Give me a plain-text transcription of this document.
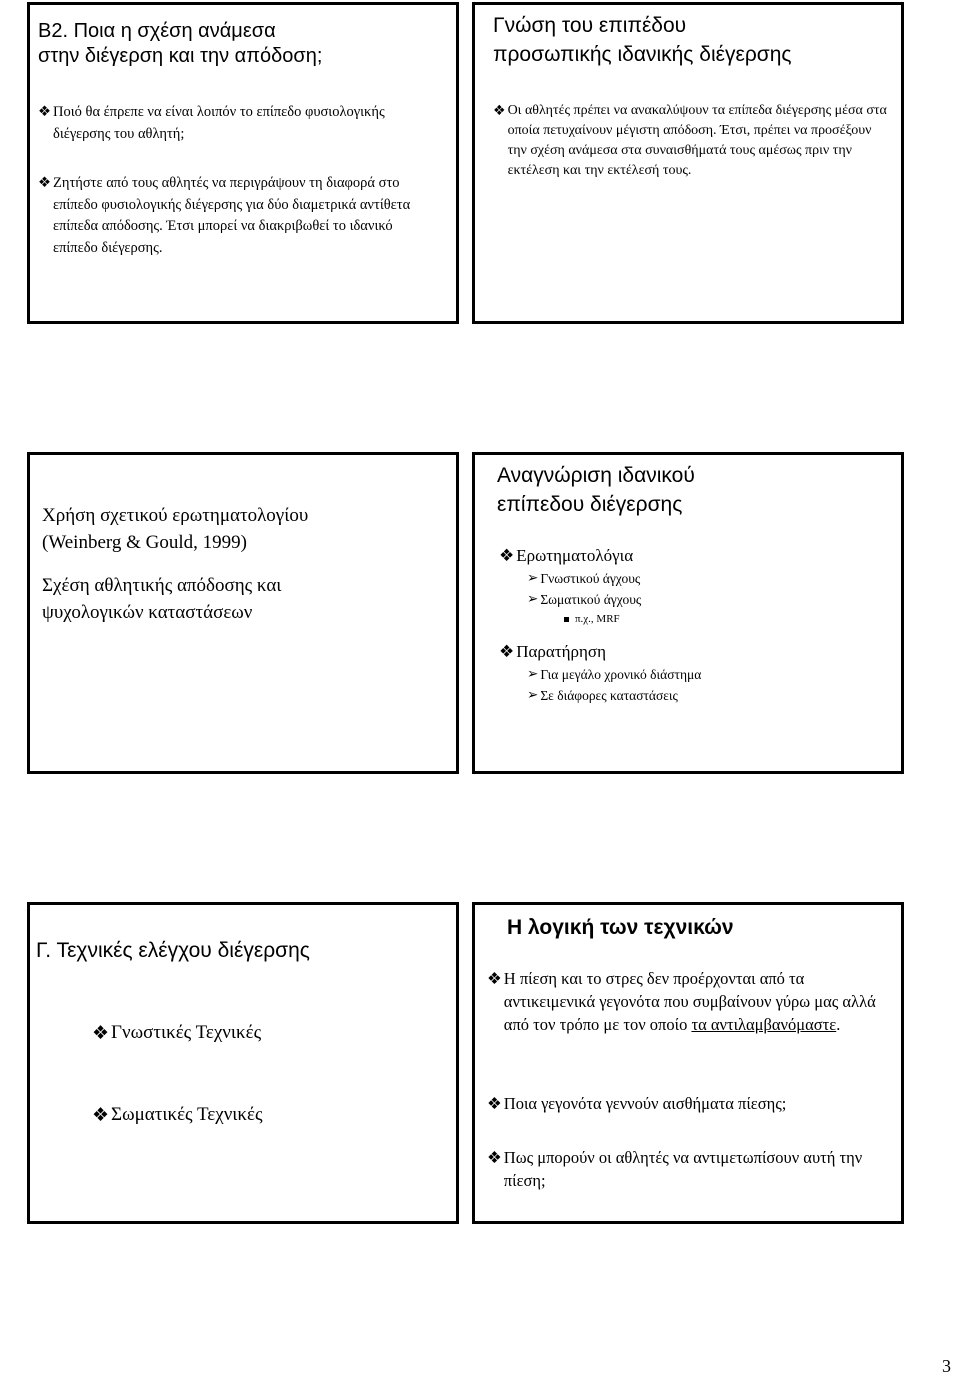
Β2. Ποια η σχέση ανάμεσα
στην διέγερση και την απόδοση;
❖ Ποιό θα έπρεπε να είναι λοιπόν το επίπεδο φυσιολογικής διέγερσης του αθλητή;
❖ Ζητήστε από τους αθλητές να περιγράψουν τη διαφορά στο επίπεδο φυσιολογικής διέγερσης για δύο διαμετρικά αντίθετα επίπεδα απόδοσης. Έτσι μπορεί να διακριβωθεί το ιδανικό επίπεδο διέγερσης.
Γνώση του επιπέδου
προσωπικής ιδανικής διέγερσης
❖ Οι αθλητές πρέπει να ανακαλύψουν τα επίπεδα διέγερσης μέσα στα οποία πετυχαίνουν μέγιστη απόδοση. Έτσι, πρέπει να προσέξουν την σχέση ανάμεσα στα συναισθήματά τους αμέσως πριν την εκτέλεση και την εκτέλεσή τους.
Χρήση σχετικού ερωτηματολογίου
(Weinberg & Gould, 1999)
Σχέση αθλητικής απόδοσης και
ψυχολογικών καταστάσεων
Αναγνώριση ιδανικού
επίπεδου διέγερσης
❖ Ερωτηματολόγια
➢ Γνωστικού άγχους
➢ Σωματικού άγχους
π.χ., MRF
❖ Παρατήρηση
➢ Για μεγάλο χρονικό διάστημα
➢ Σε διάφορες καταστάσεις
Γ. Τεχνικές ελέγχου διέγερσης
❖ Γνωστικές Τεχνικές
❖ Σωματικές Τεχνικές
Η λογική των τεχνικών
❖ Η πίεση και το στρες δεν προέρχονται από τα αντικειμενικά γεγονότα που συμβαίνουν γύρω μας αλλά από τον τρόπο με τον οποίο τα αντιλαμβανόμαστε.
❖ Ποια γεγονότα γεννούν αισθήματα πίεσης;
❖ Πως μπορούν οι αθλητές να αντιμετωπίσουν αυτή την πίεση;
3
